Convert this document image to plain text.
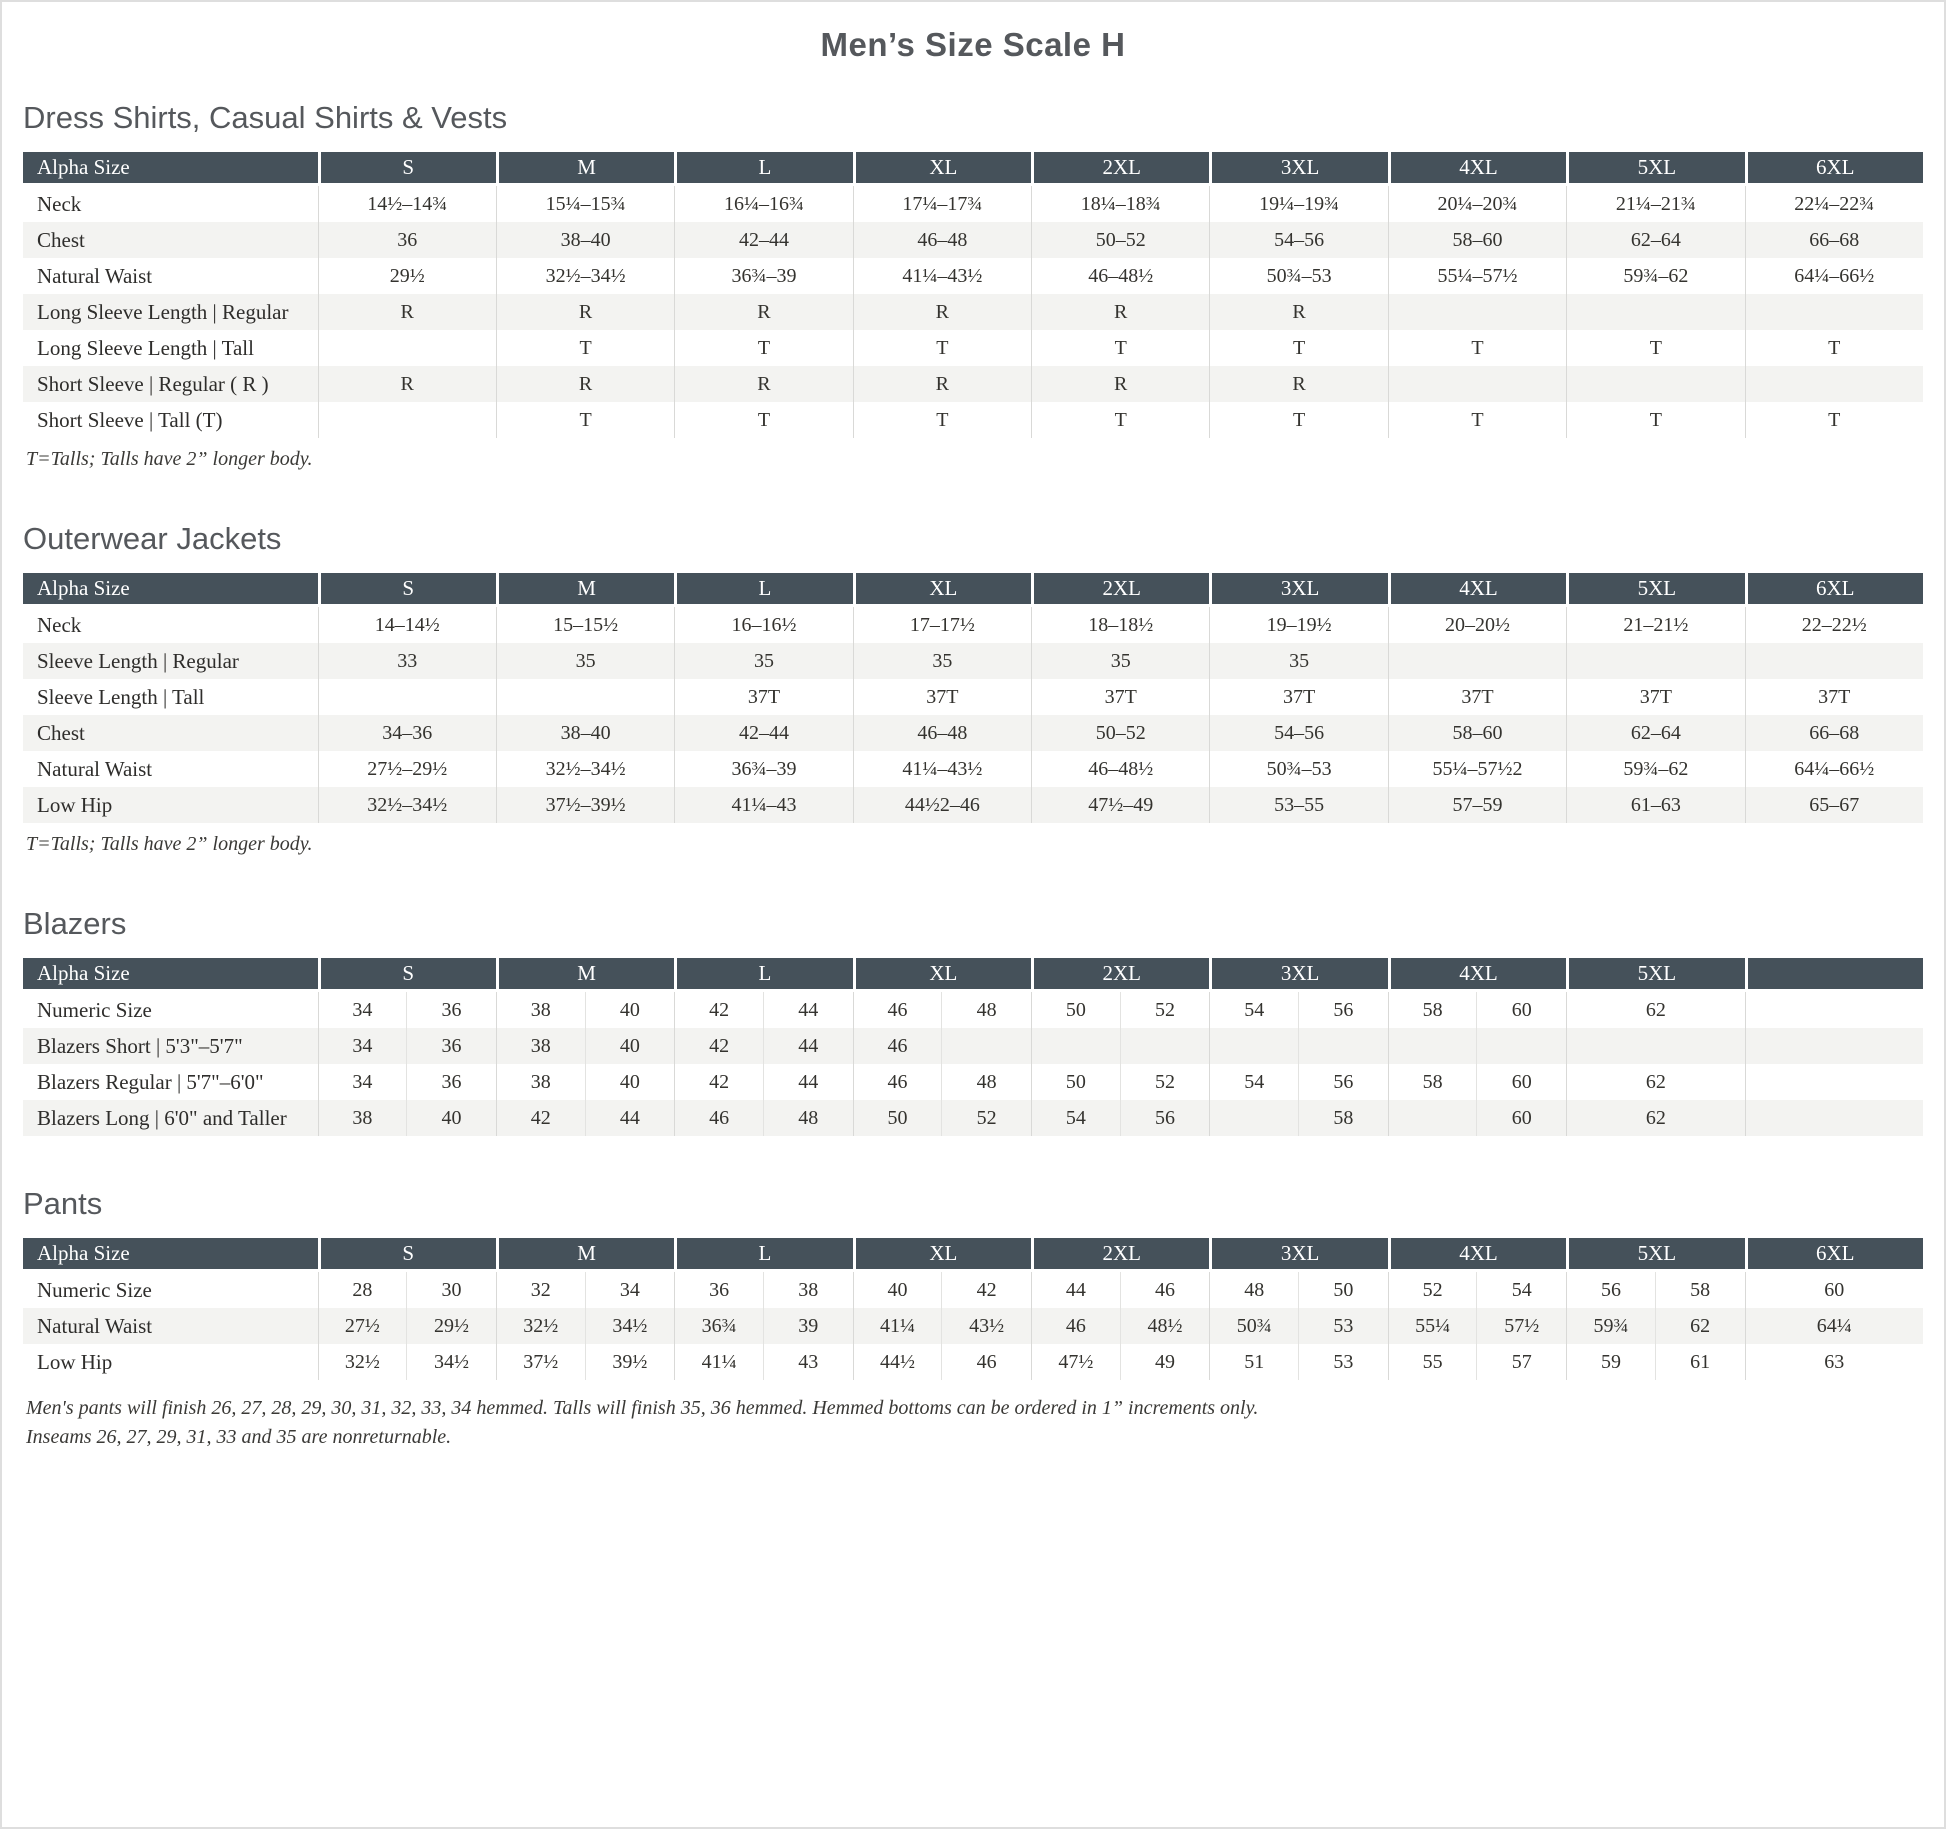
Men’s Size Scale H
Dress Shirts, Casual Shirts & Vests
Alpha Size	S	M	L	XL	2XL	3XL	4XL	5XL	6XL
Neck	14½–14¾	15¼–15¾	16¼–16¾	17¼–17¾	18¼–18¾	19¼–19¾	20¼–20¾	21¼–21¾	22¼–22¾
Chest	36	38–40	42–44	46–48	50–52	54–56	58–60	62–64	66–68
Natural Waist	29½	32½–34½	36¾–39	41¼–43½	46–48½	50¾–53	55¼–57½	59¾–62	64¼–66½
Long Sleeve Length | Regular	R	R	R	R	R	R			
Long Sleeve Length | Tall		T	T	T	T	T	T	T	T
Short Sleeve | Regular ( R )	R	R	R	R	R	R			
Short Sleeve | Tall (T)		T	T	T	T	T	T	T	T

T=Talls; Talls have 2” longer body.

Outerwear Jackets
Alpha Size	S	M	L	XL	2XL	3XL	4XL	5XL	6XL
Neck	14–14½	15–15½	16–16½	17–17½	18–18½	19–19½	20–20½	21–21½	22–22½
Sleeve Length | Regular	33	35	35	35	35	35			
Sleeve Length | Tall			37T	37T	37T	37T	37T	37T	37T
Chest	34–36	38–40	42–44	46–48	50–52	54–56	58–60	62–64	66–68
Natural Waist	27½–29½	32½–34½	36¾–39	41¼–43½	46–48½	50¾–53	55¼–57½2	59¾–62	64¼–66½
Low Hip	32½–34½	37½–39½	41¼–43	44½2–46	47½–49	53–55	57–59	61–63	65–67

T=Talls; Talls have 2” longer body.

Blazers
Alpha Size	S	M	L	XL	2XL	3XL	4XL	5XL	
Numeric Size	34 36	38 40	42 44	46 48	50 52	54 56	58 60	62	
Blazers Short | 5'3"–5'7"	34 36	38 40	42 44	46					

Blazers Regular | 5'7"–6'0"	34 36	38 40	42 44	46 48	50 52	54 56	58 60	62	
Blazers Long | 6'0" and Taller	38 40	42 44	46 48	50 52	54 56	58	60	62	
Pants
Alpha Size	S	M	L	XL	2XL	3XL	4XL	5XL	6XL
Numeric Size	28 30	32 34	36 38	40 42	44 46	48 50	52 54	56 58	60
Natural Waist	27½ 29½	32½ 34½	36¾ 39	41¼ 43½	46 48½	50¾ 53	55¼ 57½	59¾ 62	64¼
Low Hip	32½ 34½	37½ 39½	41¼ 43	44½ 46	47½ 49	51 53	55 57	59 61	63

Men's pants will finish 26, 27, 28, 29, 30, 31, 32, 33, 34 hemmed. Talls will finish 35, 36 hemmed. Hemmed bottoms can be ordered in 1” increments only.

Inseams 26, 27, 29, 31, 33 and 35 are nonreturnable.
